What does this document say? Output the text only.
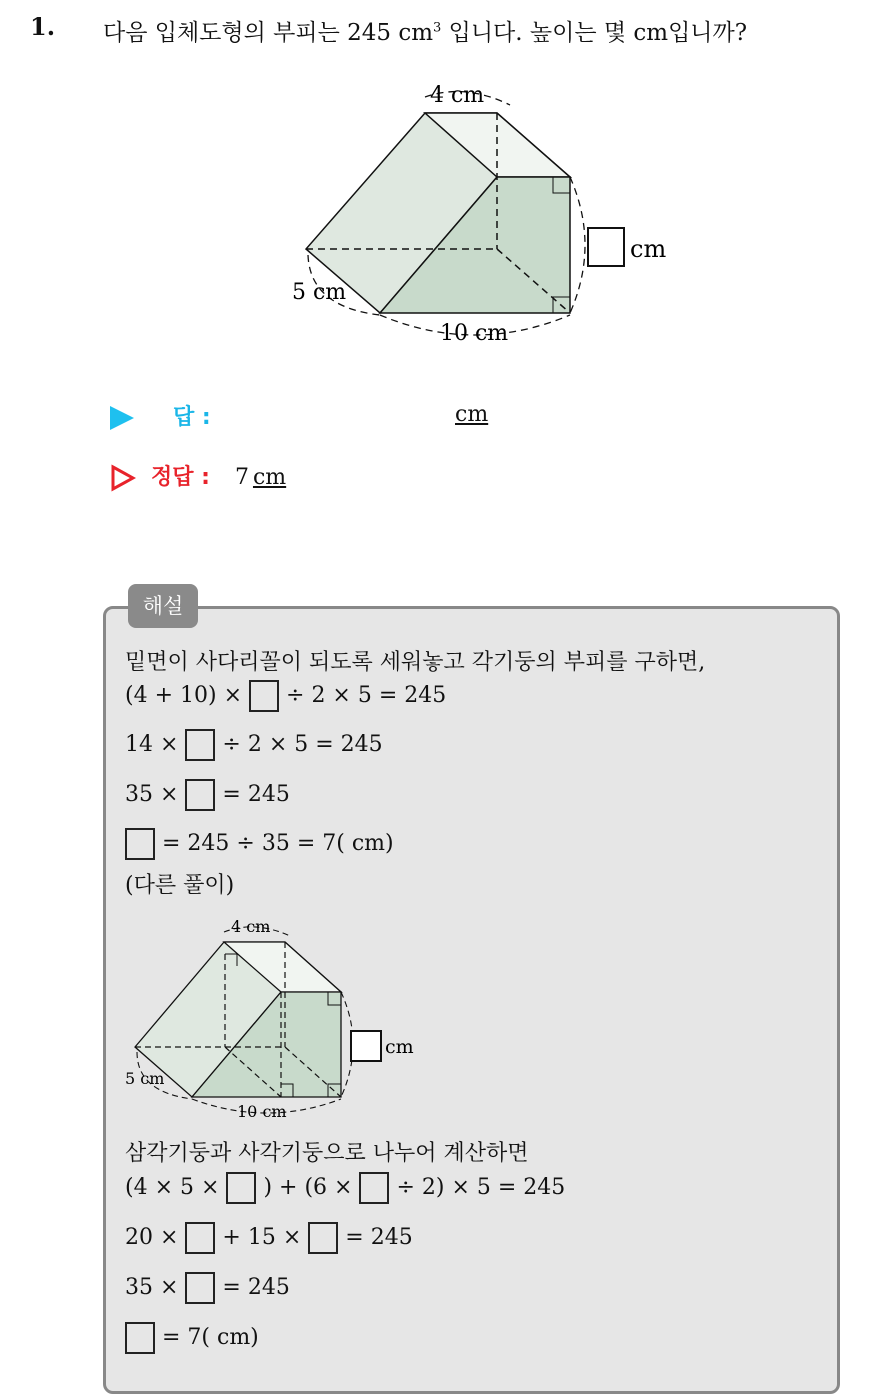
1. 다음 입체도형의 부피는 245 $cm^3$ 입니다. 높이는 몇 cm입니까?
cm
4 cm
5 cm
10 cm
답 :	cm
정답 : 7 cm
해설
밑면이 사다리꼴이 되도록 세워놓고 각기둥의 부피를 구하면,
(4 + 10) × ÷ 2 × 5 = 245
14 × ÷ 2 × 5 = 245
35 × = 245
= 245 ÷ 35 = 7( cm)
(다른 풀이)
cm
4 cm
5 cm
10 cm
삼각기둥과 사각기둥으로 나누어 계산하면
(4 × 5 × ) + (6 × ÷ 2) × 5 = 245
20 × + 15 × = 245
35 × = 245
= 7( cm)
